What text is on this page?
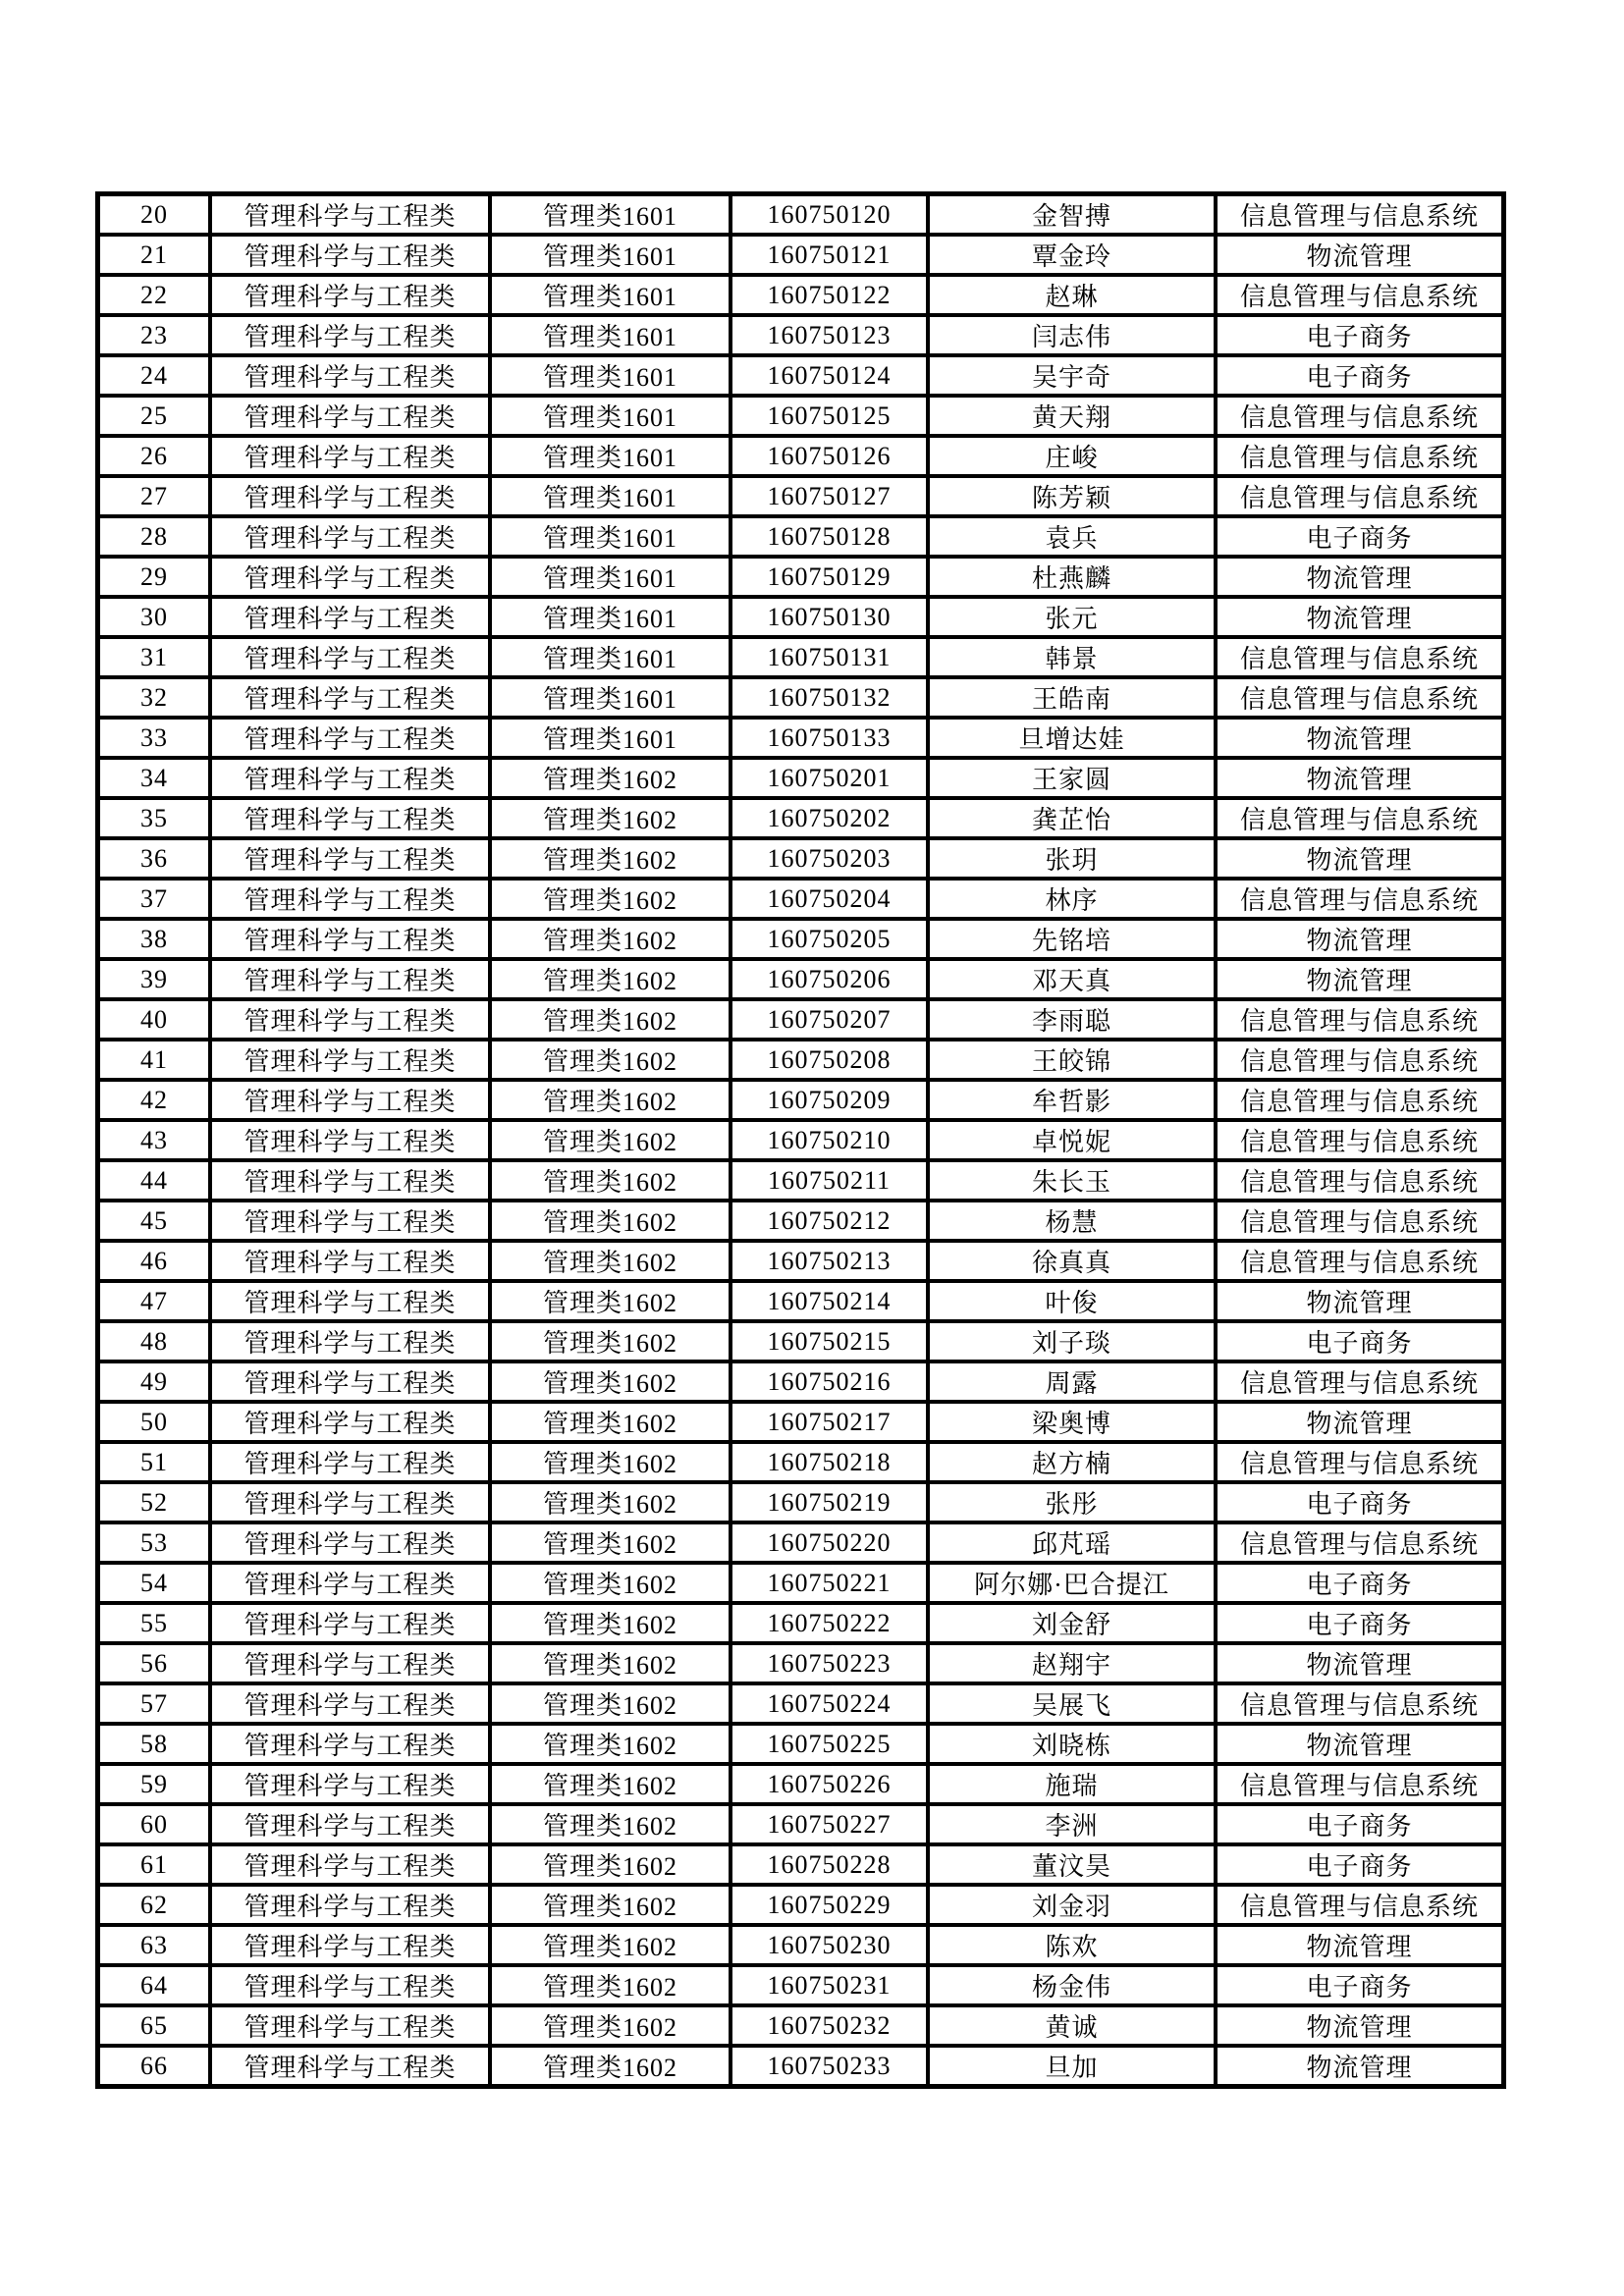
20	管理科学与工程类	管理类1601	160750120	金智搏	信息管理与信息系统
21	管理科学与工程类	管理类1601	160750121	覃金玲	物流管理
22	管理科学与工程类	管理类1601	160750122	赵琳	信息管理与信息系统
23	管理科学与工程类	管理类1601	160750123	闫志伟	电子商务
24	管理科学与工程类	管理类1601	160750124	吴宇奇	电子商务
25	管理科学与工程类	管理类1601	160750125	黄天翔	信息管理与信息系统
26	管理科学与工程类	管理类1601	160750126	庄峻	信息管理与信息系统
27	管理科学与工程类	管理类1601	160750127	陈芳颖	信息管理与信息系统
28	管理科学与工程类	管理类1601	160750128	袁兵	电子商务
29	管理科学与工程类	管理类1601	160750129	杜燕麟	物流管理
30	管理科学与工程类	管理类1601	160750130	张元	物流管理
31	管理科学与工程类	管理类1601	160750131	韩景	信息管理与信息系统
32	管理科学与工程类	管理类1601	160750132	王皓南	信息管理与信息系统
33	管理科学与工程类	管理类1601	160750133	旦增达娃	物流管理
34	管理科学与工程类	管理类1602	160750201	王家圆	物流管理
35	管理科学与工程类	管理类1602	160750202	龚芷怡	信息管理与信息系统
36	管理科学与工程类	管理类1602	160750203	张玥	物流管理
37	管理科学与工程类	管理类1602	160750204	林序	信息管理与信息系统
38	管理科学与工程类	管理类1602	160750205	先铭培	物流管理
39	管理科学与工程类	管理类1602	160750206	邓天真	物流管理
40	管理科学与工程类	管理类1602	160750207	李雨聪	信息管理与信息系统
41	管理科学与工程类	管理类1602	160750208	王皎锦	信息管理与信息系统
42	管理科学与工程类	管理类1602	160750209	牟哲影	信息管理与信息系统
43	管理科学与工程类	管理类1602	160750210	卓悦妮	信息管理与信息系统
44	管理科学与工程类	管理类1602	160750211	朱长玉	信息管理与信息系统
45	管理科学与工程类	管理类1602	160750212	杨慧	信息管理与信息系统
46	管理科学与工程类	管理类1602	160750213	徐真真	信息管理与信息系统
47	管理科学与工程类	管理类1602	160750214	叶俊	物流管理
48	管理科学与工程类	管理类1602	160750215	刘子琰	电子商务
49	管理科学与工程类	管理类1602	160750216	周露	信息管理与信息系统
50	管理科学与工程类	管理类1602	160750217	梁奥博	物流管理
51	管理科学与工程类	管理类1602	160750218	赵方楠	信息管理与信息系统
52	管理科学与工程类	管理类1602	160750219	张彤	电子商务
53	管理科学与工程类	管理类1602	160750220	邱芃瑶	信息管理与信息系统
54	管理科学与工程类	管理类1602	160750221	阿尔娜·巴合提江	电子商务
55	管理科学与工程类	管理类1602	160750222	刘金舒	电子商务
56	管理科学与工程类	管理类1602	160750223	赵翔宇	物流管理
57	管理科学与工程类	管理类1602	160750224	吴展飞	信息管理与信息系统
58	管理科学与工程类	管理类1602	160750225	刘晓栋	物流管理
59	管理科学与工程类	管理类1602	160750226	施瑞	信息管理与信息系统
60	管理科学与工程类	管理类1602	160750227	李洲	电子商务
61	管理科学与工程类	管理类1602	160750228	董汶昊	电子商务
62	管理科学与工程类	管理类1602	160750229	刘金羽	信息管理与信息系统
63	管理科学与工程类	管理类1602	160750230	陈欢	物流管理
64	管理科学与工程类	管理类1602	160750231	杨金伟	电子商务
65	管理科学与工程类	管理类1602	160750232	黄诚	物流管理
66	管理科学与工程类	管理类1602	160750233	旦加	物流管理
